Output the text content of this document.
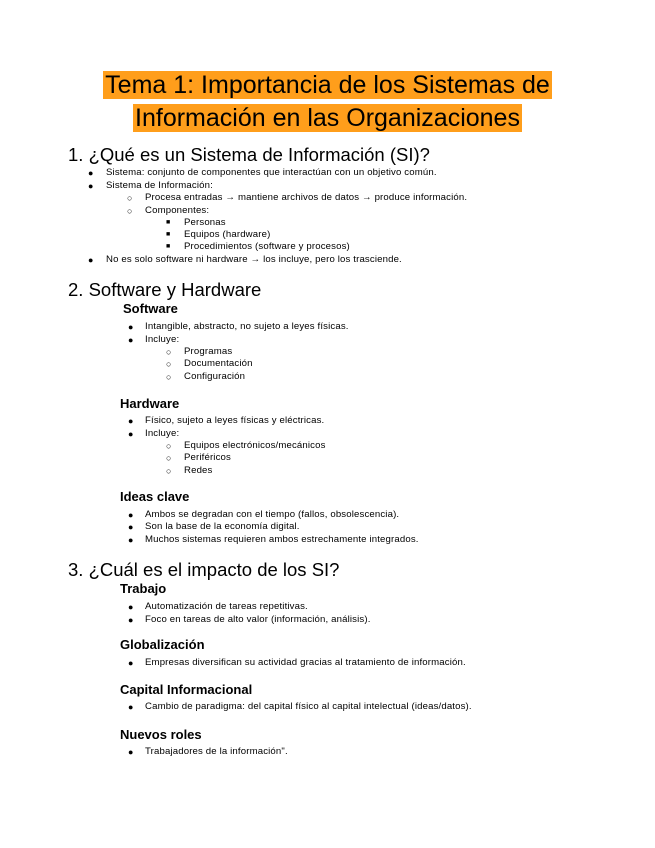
Tema 1: Importancia de los Sistemas de
Información en las Organizaciones
1. ¿Qué es un Sistema de Información (SI)?
● Sistema: conjunto de componentes que interactúan con un objetivo común.
● Sistema de Información:
○ Procesa entradas → mantiene archivos de datos → produce información.
○ Componentes:
■ Personas
■ Equipos (hardware)
■ Procedimientos (software y procesos)
● No es solo software ni hardware → los incluye, pero los trasciende.
2. Software y Hardware
Software
● Intangible, abstracto, no sujeto a leyes físicas.
● Incluye:
○ Programas
○ Documentación
○ Configuración
Hardware
● Físico, sujeto a leyes físicas y eléctricas.
● Incluye:
○ Equipos electrónicos/mecánicos
○ Periféricos
○ Redes
Ideas clave
● Ambos se degradan con el tiempo (fallos, obsolescencia).
● Son la base de la economía digital.
● Muchos sistemas requieren ambos estrechamente integrados.
3. ¿Cuál es el impacto de los SI?
Trabajo
● Automatización de tareas repetitivas.
● Foco en tareas de alto valor (información, análisis).
Globalización
● Empresas diversifican su actividad gracias al tratamiento de información.
Capital Informacional
● Cambio de paradigma: del capital físico al capital intelectual (ideas/datos).
Nuevos roles
● Trabajadores de la información".
